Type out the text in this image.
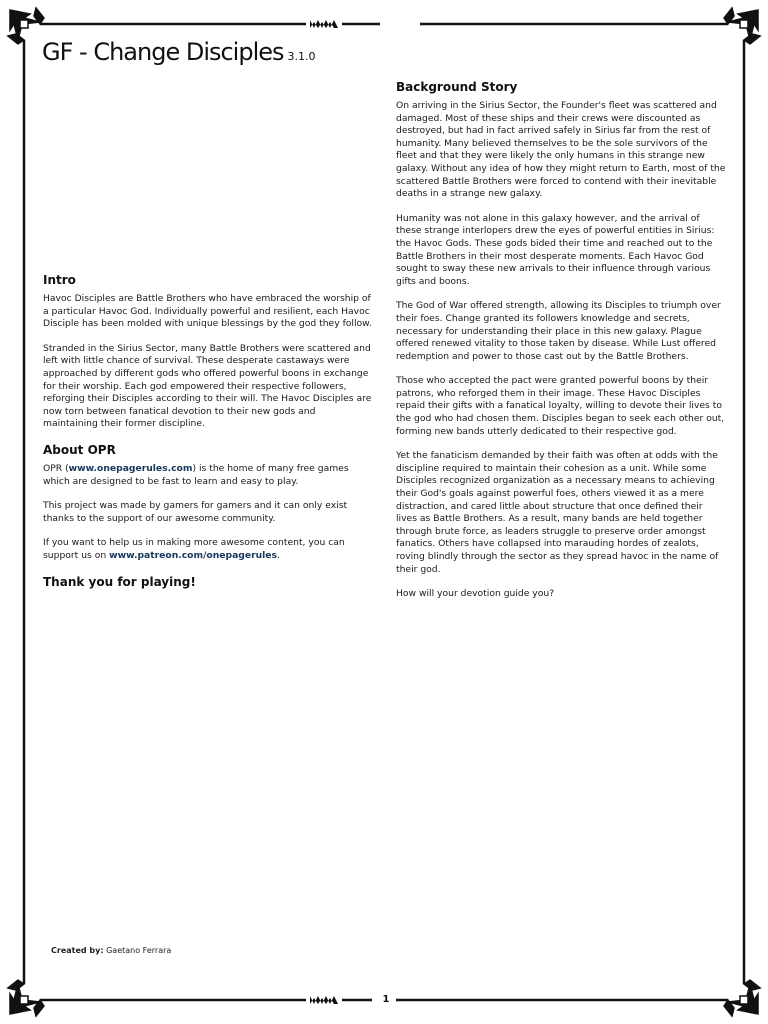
GF - Change Disciples 3.1.0
Intro

Havoc Disciples are Battle Brothers who have embraced the worship of a particular Havoc God. Individually powerful and resilient, each Havoc Disciple has been molded with unique blessings by the god they follow.

Stranded in the Sirius Sector, many Battle Brothers were scattered and left with little chance of survival. These desperate castaways were approached by different gods who offered powerful boons in exchange for their worship. Each god empowered their respective followers, reforging their Disciples according to their will. The Havoc Disciples are now torn between fanatical devotion to their new gods and maintaining their former discipline.

About OPR

OPR (www.onepagerules.com) is the home of many free games which are designed to be fast to learn and easy to play.

This project was made by gamers for gamers and it can only exist thanks to the support of our awesome community.

If you want to help us in making more awesome content, you can support us on www.patreon.com/onepagerules.

Thank you for playing!
Background Story

On arriving in the Sirius Sector, the Founder's fleet was scattered and damaged. Most of these ships and their crews were discounted as destroyed, but had in fact arrived safely in Sirius far from the rest of humanity. Many believed themselves to be the sole survivors of the fleet and that they were likely the only humans in this strange new galaxy. Without any idea of how they might return to Earth, most of the scattered Battle Brothers were forced to contend with their inevitable deaths in a strange new galaxy.

Humanity was not alone in this galaxy however, and the arrival of these strange interlopers drew the eyes of powerful entities in Sirius: the Havoc Gods. These gods bided their time and reached out to the Battle Brothers in their most desperate moments. Each Havoc God sought to sway these new arrivals to their influence through various gifts and boons.

The God of War offered strength, allowing its Disciples to triumph over their foes. Change granted its followers knowledge and secrets, necessary for understanding their place in this new galaxy. Plague offered renewed vitality to those taken by disease. While Lust offered redemption and power to those cast out by the Battle Brothers.

Those who accepted the pact were granted powerful boons by their patrons, who reforged them in their image. These Havoc Disciples repaid their gifts with a fanatical loyalty, willing to devote their lives to the god who had chosen them. Disciples began to seek each other out, forming new bands utterly dedicated to their respective god.

Yet the fanaticism demanded by their faith was often at odds with the discipline required to maintain their cohesion as a unit. While some Disciples recognized organization as a necessary means to achieving their God's goals against powerful foes, others viewed it as a mere distraction, and cared little about structure that once defined their lives as Battle Brothers. As a result, many bands are held together through brute force, as leaders struggle to preserve order amongst fanatics. Others have collapsed into marauding hordes of zealots, roving blindly through the sector as they spread havoc in the name of their god.

How will your devotion guide you?

Created by: Gaetano Ferrara
1
